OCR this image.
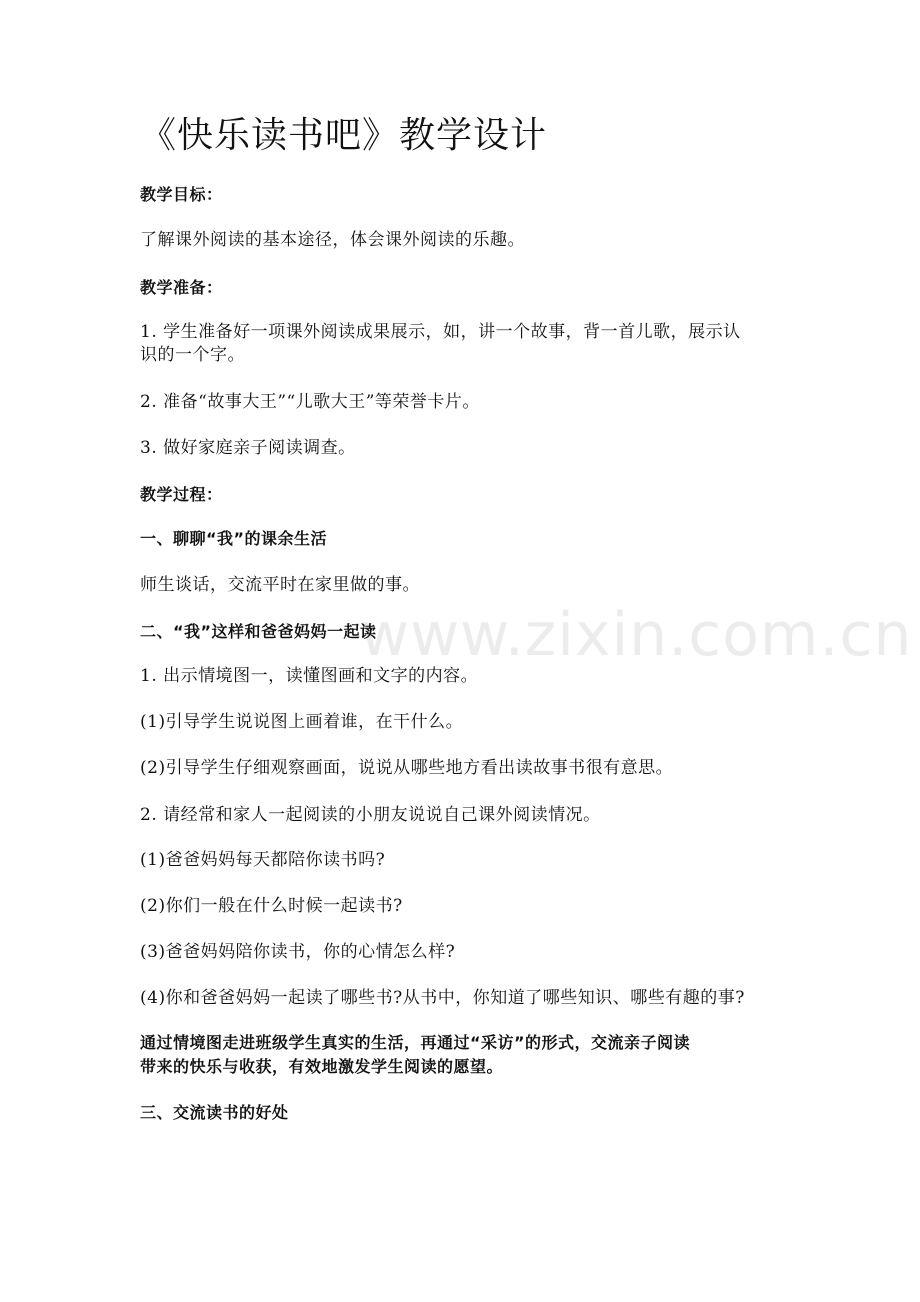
www.zixin.com.cn
《快乐读书吧》教学设计
教学目标：
了解课外阅读的基本途径，体会课外阅读的乐趣。
教学准备：
1. 学生准备好一项课外阅读成果展示，如，讲一个故事，背一首儿歌，展示认
识的一个字。
2. 准备“故事大王”“儿歌大王”等荣誉卡片。
3. 做好家庭亲子阅读调查。
教学过程：
一、聊聊“我”的课余生活
师生谈话，交流平时在家里做的事。
二、“我”这样和爸爸妈妈一起读
1. 出示情境图一，读懂图画和文字的内容。
(1)引导学生说说图上画着谁，在干什么。
(2)引导学生仔细观察画面，说说从哪些地方看出读故事书很有意思。
2. 请经常和家人一起阅读的小朋友说说自己课外阅读情况。
(1)爸爸妈妈每天都陪你读书吗?
(2)你们一般在什么时候一起读书?
(3)爸爸妈妈陪你读书，你的心情怎么样?
(4)你和爸爸妈妈一起读了哪些书?从书中，你知道了哪些知识、哪些有趣的事?
通过情境图走进班级学生真实的生活，再通过“采访”的形式，交流亲子阅读
带来的快乐与收获，有效地激发学生阅读的愿望。
三、交流读书的好处
